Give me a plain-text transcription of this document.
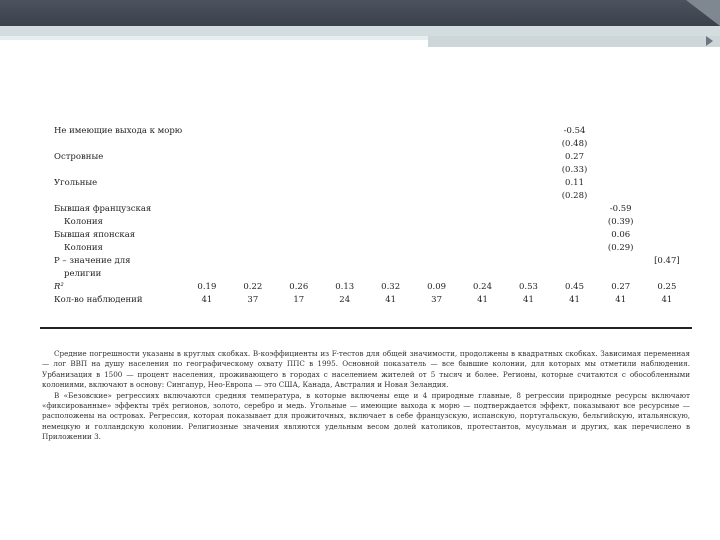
Не имеющие выхода к морю									-0.54		
									(0.48)		
Островные									0.27		
									(0.33)		
Угольные									0.11		
									(0.28)		
Бывшая французская										-0.59	
Колония										(0.39)	
Бывшая японская										0.06	
Колония										(0.29)	
P – значение для											[0.47]
религии											
R²	0.19	0.22	0.26	0.13	0.32	0.09	0.24	0.53	0.45	0.27	0.25
Кол-во наблюдений	41	37	17	24	41	37	41	41	41	41	41

Средние погрешности указаны в круглых скобках. В-коэффициенты из F-тестов для общей значимости, продолжены в квадратных скобках. Зависимая переменная — лог ВВП на душу населения по географическому охвату ППС в 1995. Основной показатель — все бывшие колонии, для которых мы отметили наблюдения. Урбанизация в 1500 — процент населения, проживающего в городах с населением жителей от 5 тысяч и более. Регионы, которые считаются с обособленными колониями, включают в основу: Сингапур, Нео-Европа — это США, Канада, Австралия и Новая Зеландия.

В «Безовские» регрессиях включаются средняя температура, в которые включены еще и 4 природные главные, 8 регрессии природные ресурсы включают «фиксированные» эффекты трёх регионов, золото, серебро и медь. Угольные — имеющие выхода к морю — подтверждается эффект, показывают все ресурсные — расположены на островах. Регрессия, которая показывает для прожиточных, включает в себе французскую, испанскую, португальскую, бельгийскую, итальянскую, немецкую и голландскую колонии. Религиозные значения являются удельным весом долей католиков, протестантов, мусульман и других, как перечислено в Приложении 3.
